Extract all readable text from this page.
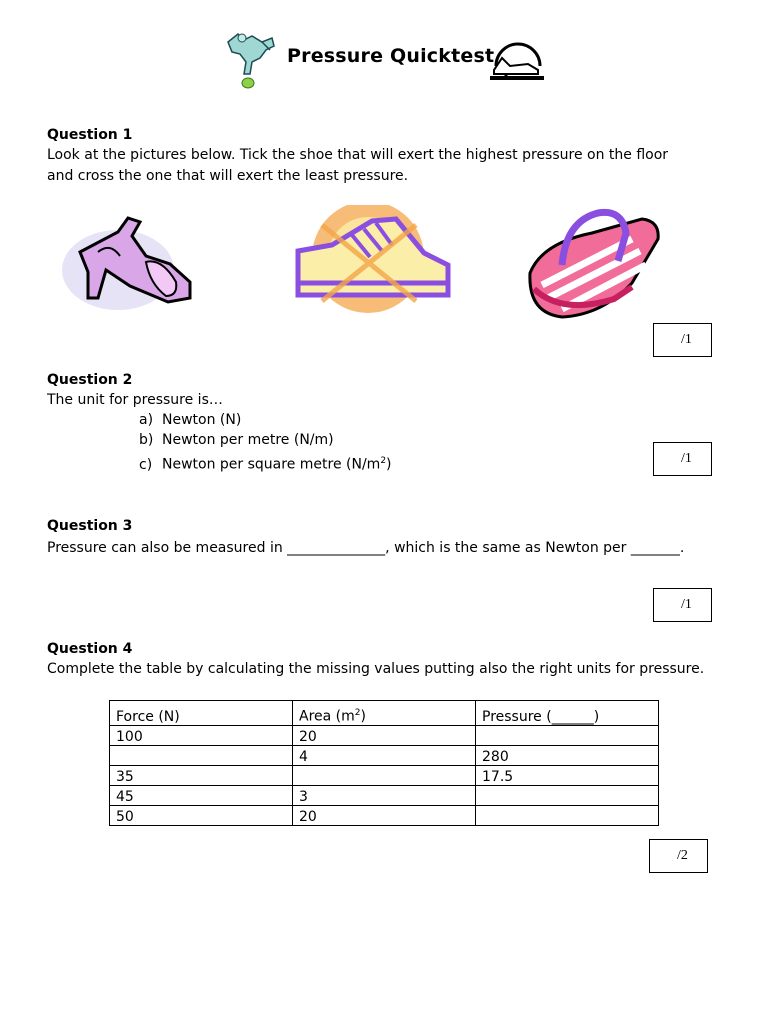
Pressure Quicktest
Question 1
Look at the pictures below. Tick the shoe that will exert the highest pressure on the floor
and cross the one that will exert the least pressure.
/1
Question 2
The unit for pressure is…
a) Newton (N)
b) Newton per metre (N/m)
c) Newton per square metre $(N/m^2)$	/1
Question 3
Pressure can also be measured in ______________, which is the same as Newton per _______.
/1
Question 4
Complete the table by calculating the missing values putting also the right units for pressure.
Force (N)	Area $(m^2)$	Pressure (______)
100	20	
	4	280
35		17.5
45	3	
50	20	
/2
